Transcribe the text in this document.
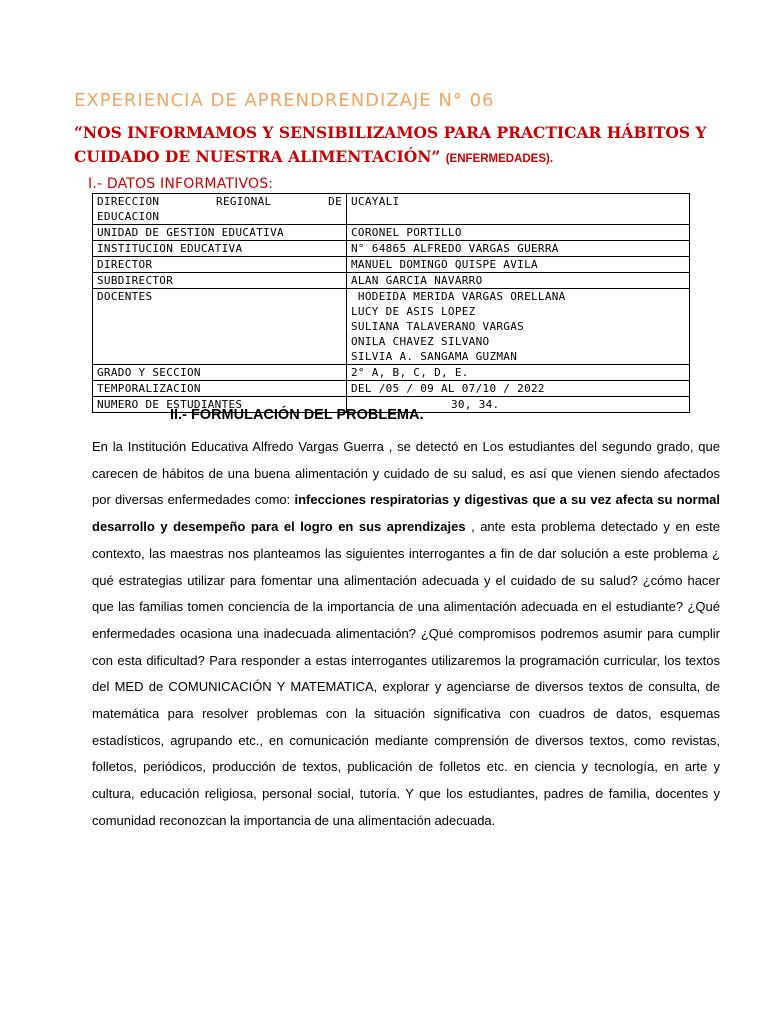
EXPERIENCIA DE APRENDRENDIZAJE N° 06

“NOS INFORMAMOS Y SENSIBILIZAMOS PARA PRACTICAR HÁBITOS Y CUIDADO DE NUESTRA ALIMENTACIÓN” (ENFERMEDADES).

I.- DATOS INFORMATIVOS:
DIRECCION REGIONAL DE
EDUCACION	UCAYALI
UNIDAD DE GESTION EDUCATIVA	CORONEL PORTILLO
INSTITUCION EDUCATIVA	N° 64865 ALFREDO VARGAS GUERRA
DIRECTOR	MANUEL DOMINGO QUISPE AVILA
SUBDIRECTOR	ALAN GARCIA NAVARRO
DOCENTES	HODEIDA MERIDA VARGAS ORELLANA
LUCY DE ASIS LOPEZ
SULIANA TALAVERANO VARGAS
ONILA CHAVEZ SILVANO
SILVIA A. SANGAMA GUZMAN

GRADO Y SECCION	2° A, B, C, D, E.
TEMPORALIZACION	DEL /05 / 09 AL 07/10 / 2022
NUMERO DE ESTUDIANTES	30, 34.
II.- FORMULACIÓN DEL PROBLEMA.

En la Institución Educativa Alfredo Vargas Guerra , se detectó en Los estudiantes del segundo grado, que carecen de hábitos de una buena alimentación y cuidado de su salud, es así que vienen siendo afectados por diversas enfermedades como: infecciones respiratorias y digestivas que a su vez afecta su normal desarrollo y desempeño para el logro en sus aprendizajes , ante esta problema detectado y en este contexto, las maestras nos planteamos las siguientes interrogantes a fin de dar solución a este problema ¿ qué estrategias utilizar para fomentar una alimentación adecuada y el cuidado de su salud? ¿cómo hacer que las familias tomen conciencia de la importancia de una alimentación adecuada en el estudiante? ¿Qué enfermedades ocasiona una inadecuada alimentación? ¿Qué compromisos podremos asumir para cumplir con esta dificultad? Para responder a estas interrogantes utilizaremos la programación curricular, los textos del MED de COMUNICACIÓN Y MATEMATICA, explorar y agenciarse de diversos textos de consulta, de matemática para resolver problemas con la situación significativa con cuadros de datos, esquemas estadísticos, agrupando etc., en comunicación mediante comprensión de diversos textos, como revistas, folletos, periódicos, producción de textos, publicación de folletos etc. en ciencia y tecnología, en arte y cultura, educación religiosa, personal social, tutoría. Y que los estudiantes, padres de familia, docentes y comunidad reconozcan la importancia de una alimentación adecuada.
